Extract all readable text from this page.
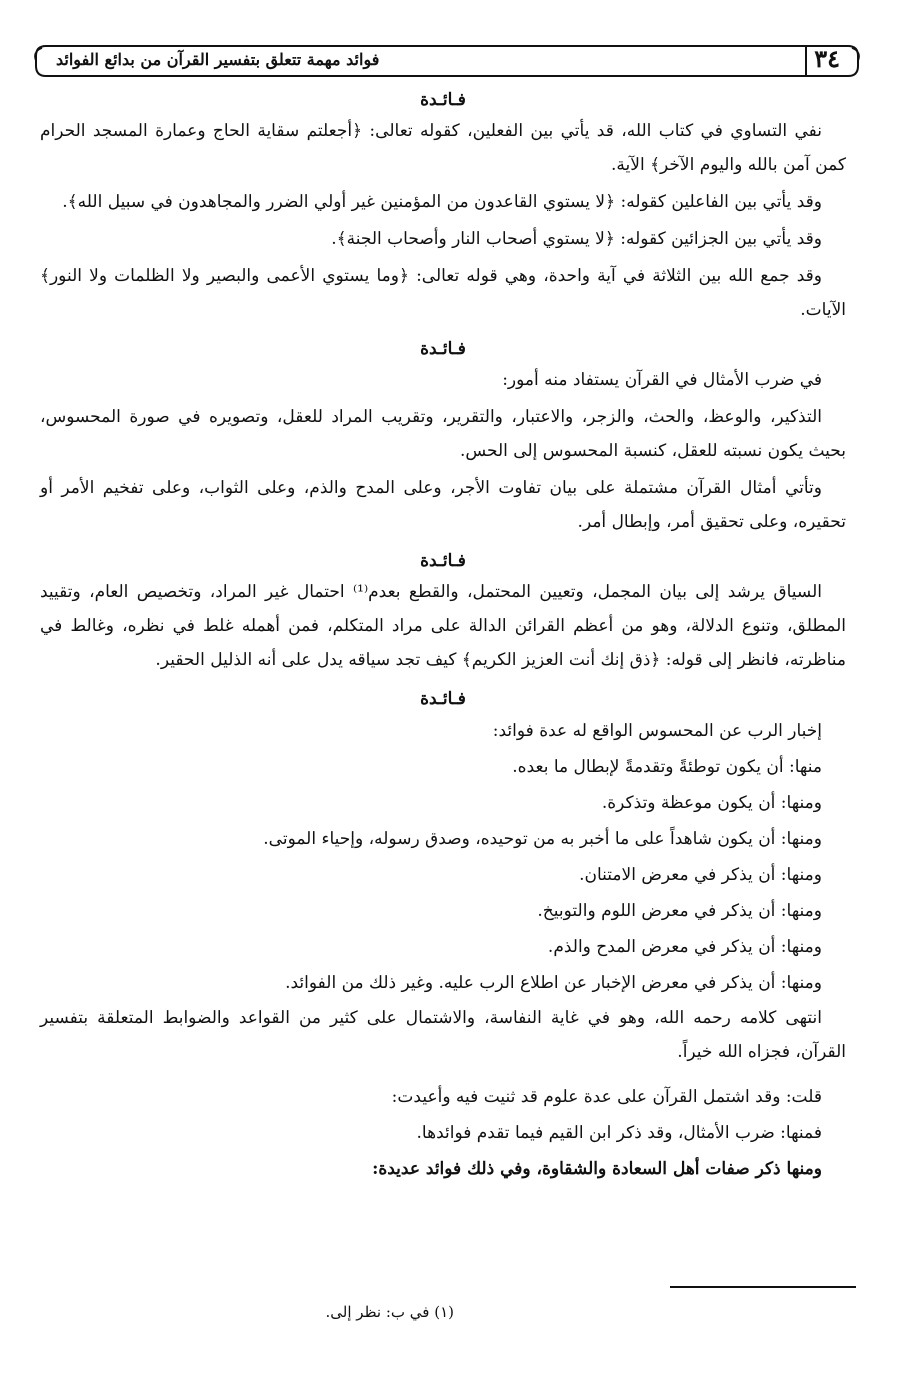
٣٤
فوائد مهمة تتعلق بتفسير القرآن من بدائع الفوائد
فـائـدة

نفي التساوي في كتاب الله، قد يأتي بين الفعلين، كقوله تعالى: ﴿أجعلتم سقاية الحاج وعمارة المسجد الحرام كمن آمن بالله واليوم الآخر﴾ الآية.

وقد يأتي بين الفاعلين كقوله: ﴿لا يستوي القاعدون من المؤمنين غير أولي الضرر والمجاهدون في سبيل الله﴾.

وقد يأتي بين الجزائين كقوله: ﴿لا يستوي أصحاب النار وأصحاب الجنة﴾.

وقد جمع الله بين الثلاثة في آية واحدة، وهي قوله تعالى: ﴿وما يستوي الأعمى والبصير ولا الظلمات ولا النور﴾ الآيات.

فـائـدة

في ضرب الأمثال في القرآن يستفاد منه أمور:

التذكير، والوعظ، والحث، والزجر، والاعتبار، والتقرير، وتقريب المراد للعقل، وتصويره في صورة المحسوس، بحيث يكون نسبته للعقل، كنسبة المحسوس إلى الحس.

وتأتي أمثال القرآن مشتملة على بيان تفاوت الأجر، وعلى المدح والذم، وعلى الثواب، وعلى تفخيم الأمر أو تحقيره، وعلى تحقيق أمر، وإبطال أمر.

فـائـدة

السياق يرشد إلى بيان المجمل، وتعيين المحتمل، والقطع بعدم⁽¹⁾ احتمال غير المراد، وتخصيص العام، وتقييد المطلق، وتنوع الدلالة، وهو من أعظم القرائن الدالة على مراد المتكلم، فمن أهمله غلط في نظره، وغالط في مناظرته، فانظر إلى قوله: ﴿ذق إنك أنت العزيز الكريم﴾ كيف تجد سياقه يدل على أنه الذليل الحقير.

فـائـدة
إخبار الرب عن المحسوس الواقع له عدة فوائد:
منها: أن يكون توطئةً وتقدمةً لإبطال ما بعده.
ومنها: أن يكون موعظة وتذكرة.
ومنها: أن يكون شاهداً على ما أخبر به من توحيده، وصدق رسوله، وإحياء الموتى.
ومنها: أن يذكر في معرض الامتنان.
ومنها: أن يذكر في معرض اللوم والتوبيخ.
ومنها: أن يذكر في معرض المدح والذم.
ومنها: أن يذكر في معرض الإخبار عن اطلاع الرب عليه. وغير ذلك من الفوائد.

انتهى كلامه رحمه الله، وهو في غاية النفاسة، والاشتمال على كثير من القواعد والضوابط المتعلقة بتفسير القرآن، فجزاه الله خيراً.

قلت: وقد اشتمل القرآن على عدة علوم قد ثنيت فيه وأعيدت:
فمنها: ضرب الأمثال، وقد ذكر ابن القيم فيما تقدم فوائدها.
ومنها ذكر صفات أهل السعادة والشقاوة، وفي ذلك فوائد عديدة:
(١) في ب: نظر إلى.
